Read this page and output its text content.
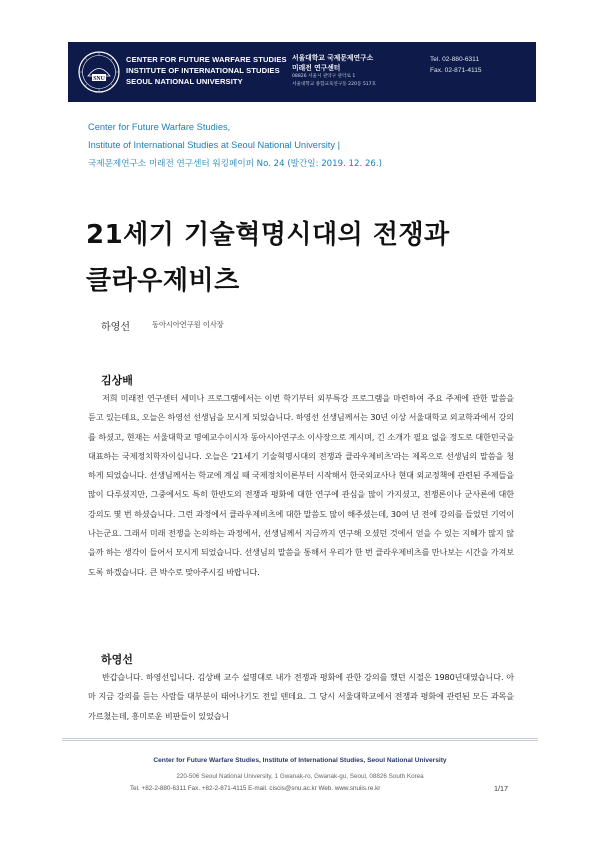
SNU
CENTER FOR FUTURE WARFARE STUDIES
INSTITUTE OF INTERNATIONAL STUDIES
SEOUL NATIONAL UNIVERSITY
서울대학교 국제문제연구소
미래전 연구센터
08826 서울시 관악구 관악로 1
서울대학교 종합교육연구동 220동 517호
Tel. 02-880-6311
Fax. 02-871-4115
Center for Future Warfare Studies,
Institute of International Studies at Seoul National University |
국제문제연구소 미래전 연구센터 워킹페이퍼 No. 24 (발간일: 2019. 12. 26.)
21세기 기술혁명시대의 전쟁과
클라우제비츠
하영선	동아시아연구원 이사장
김상배
저희 미래전 연구센터 세미나 프로그램에서는 이번 학기부터 외부특강 프로그램을 마련하여 주요 주제에 관한 말씀을 듣고 있는데요, 오늘은 하영선 선생님을 모시게 되었습니다. 하영선 선생님께서는 30년 이상 서울대학교 외교학과에서 강의를 하셨고, 현재는 서울대학교 명예교수이시자 동아시아연구소 이사장으로 계시며, 긴 소개가 필요 없을 정도로 대한민국을 대표하는 국제정치학자이십니다. 오늘은 '21세기 기술혁명시대의 전쟁과 클라우제비츠'라는 제목으로 선생님의 말씀을 청하게 되었습니다. 선생님께서는 학교에 계실 때 국제정치이론부터 시작해서 한국외교사나 현대 외교정책에 관련된 주제들을 많이 다루셨지만, 그중에서도 특히 한반도의 전쟁과 평화에 대한 연구에 관심을 많이 가지셨고, 전쟁론이나 군사론에 대한 강의도 몇 번 하셨습니다. 그런 과정에서 클라우제비츠에 대한 말씀도 많이 해주셨는데, 30여 년 전에 강의를 들었던 기억이 나는군요. 그래서 미래 전쟁을 논의하는 과정에서, 선생님께서 지금까지 연구해 오셨던 것에서 얻을 수 있는 지혜가 많지 않을까 하는 생각이 들어서 모시게 되었습니다. 선생님의 말씀을 통해서 우리가 한 번 클라우제비츠를 만나보는 시간을 가져보도록 하겠습니다. 큰 박수로 맞아주시길 바랍니다.
하영선
반갑습니다. 하영선입니다. 김상배 교수 설명대로 내가 전쟁과 평화에 관한 강의를 했던 시절은 1980년대였습니다. 아마 지금 강의를 듣는 사람들 대부분이 태어나기도 전일 텐데요. 그 당시 서울대학교에서 전쟁과 평화에 관련된 모든 과목을 가르쳤는데, 흥미로운 비판들이 있었습니
Center for Future Warfare Studies, Institute of International Studies, Seoul National University
220-506 Seoul National University, 1 Gwanak-ro, Gwanak-gu, Seoul, 08826 South Korea
Tel. +82-2-880-6311 Fax. +82-2-871-4115 E-mail. ciscis@snu.ac.kr Web. www.snuiis.re.kr	1/17
